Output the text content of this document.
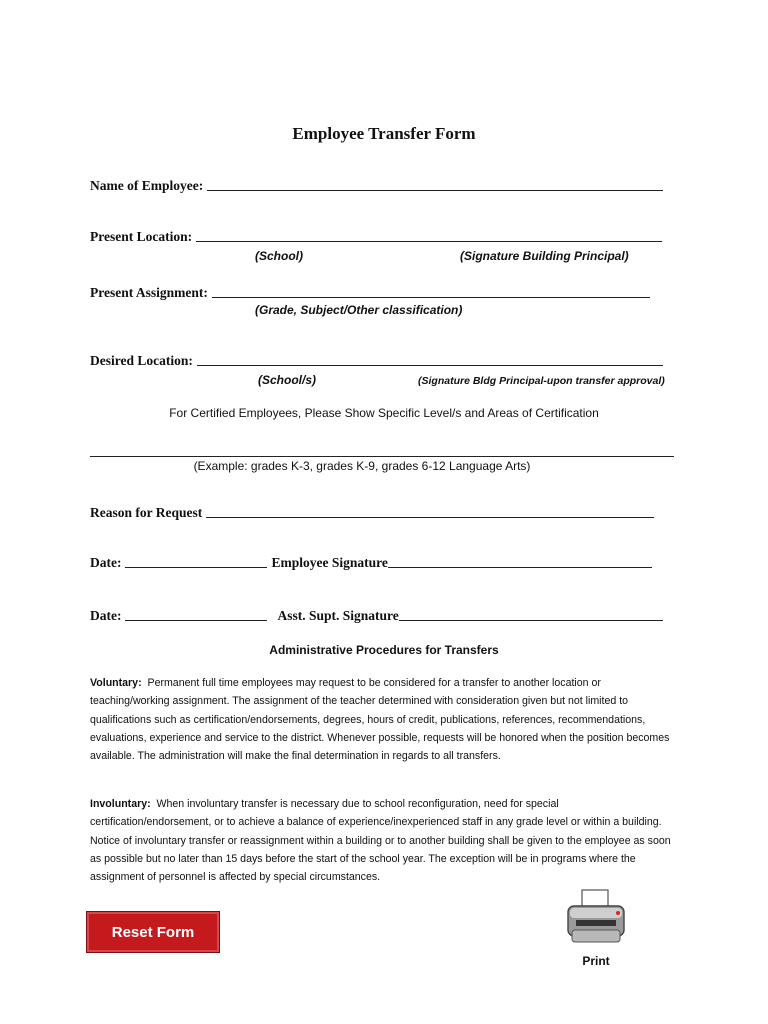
Employee Transfer Form
Name of Employee:
Present Location:
(School)	(Signature Building Principal)
Present Assignment:
(Grade, Subject/Other classification)
Desired Location:
(School/s)	(Signature Bldg Principal-upon transfer approval)
For Certified Employees, Please Show Specific Level/s and Areas of Certification
(Example: grades K-3, grades K-9, grades 6-12 Language Arts)
Reason for Request
Date:	Employee Signature
Date:	Asst. Supt. Signature
Administrative Procedures for Transfers
Voluntary: Permanent full time employees may request to be considered for a transfer to another location or teaching/working assignment. The assignment of the teacher determined with consideration given but not limited to qualifications such as certification/endorsements, degrees, hours of credit, publications, references, recommendations, evaluations, experience and service to the district. Whenever possible, requests will be honored when the position becomes available. The administration will make the final determination in regards to all transfers.
Involuntary: When involuntary transfer is necessary due to school reconfiguration, need for special certification/endorsement, or to achieve a balance of experience/inexperienced staff in any grade level or within a building. Notice of involuntary transfer or reassignment within a building or to another building shall be given to the employee as soon as possible but no later than 15 days before the start of the school year. The exception will be in programs where the assignment of personnel is affected by special circumstances.
Reset Form
Print
